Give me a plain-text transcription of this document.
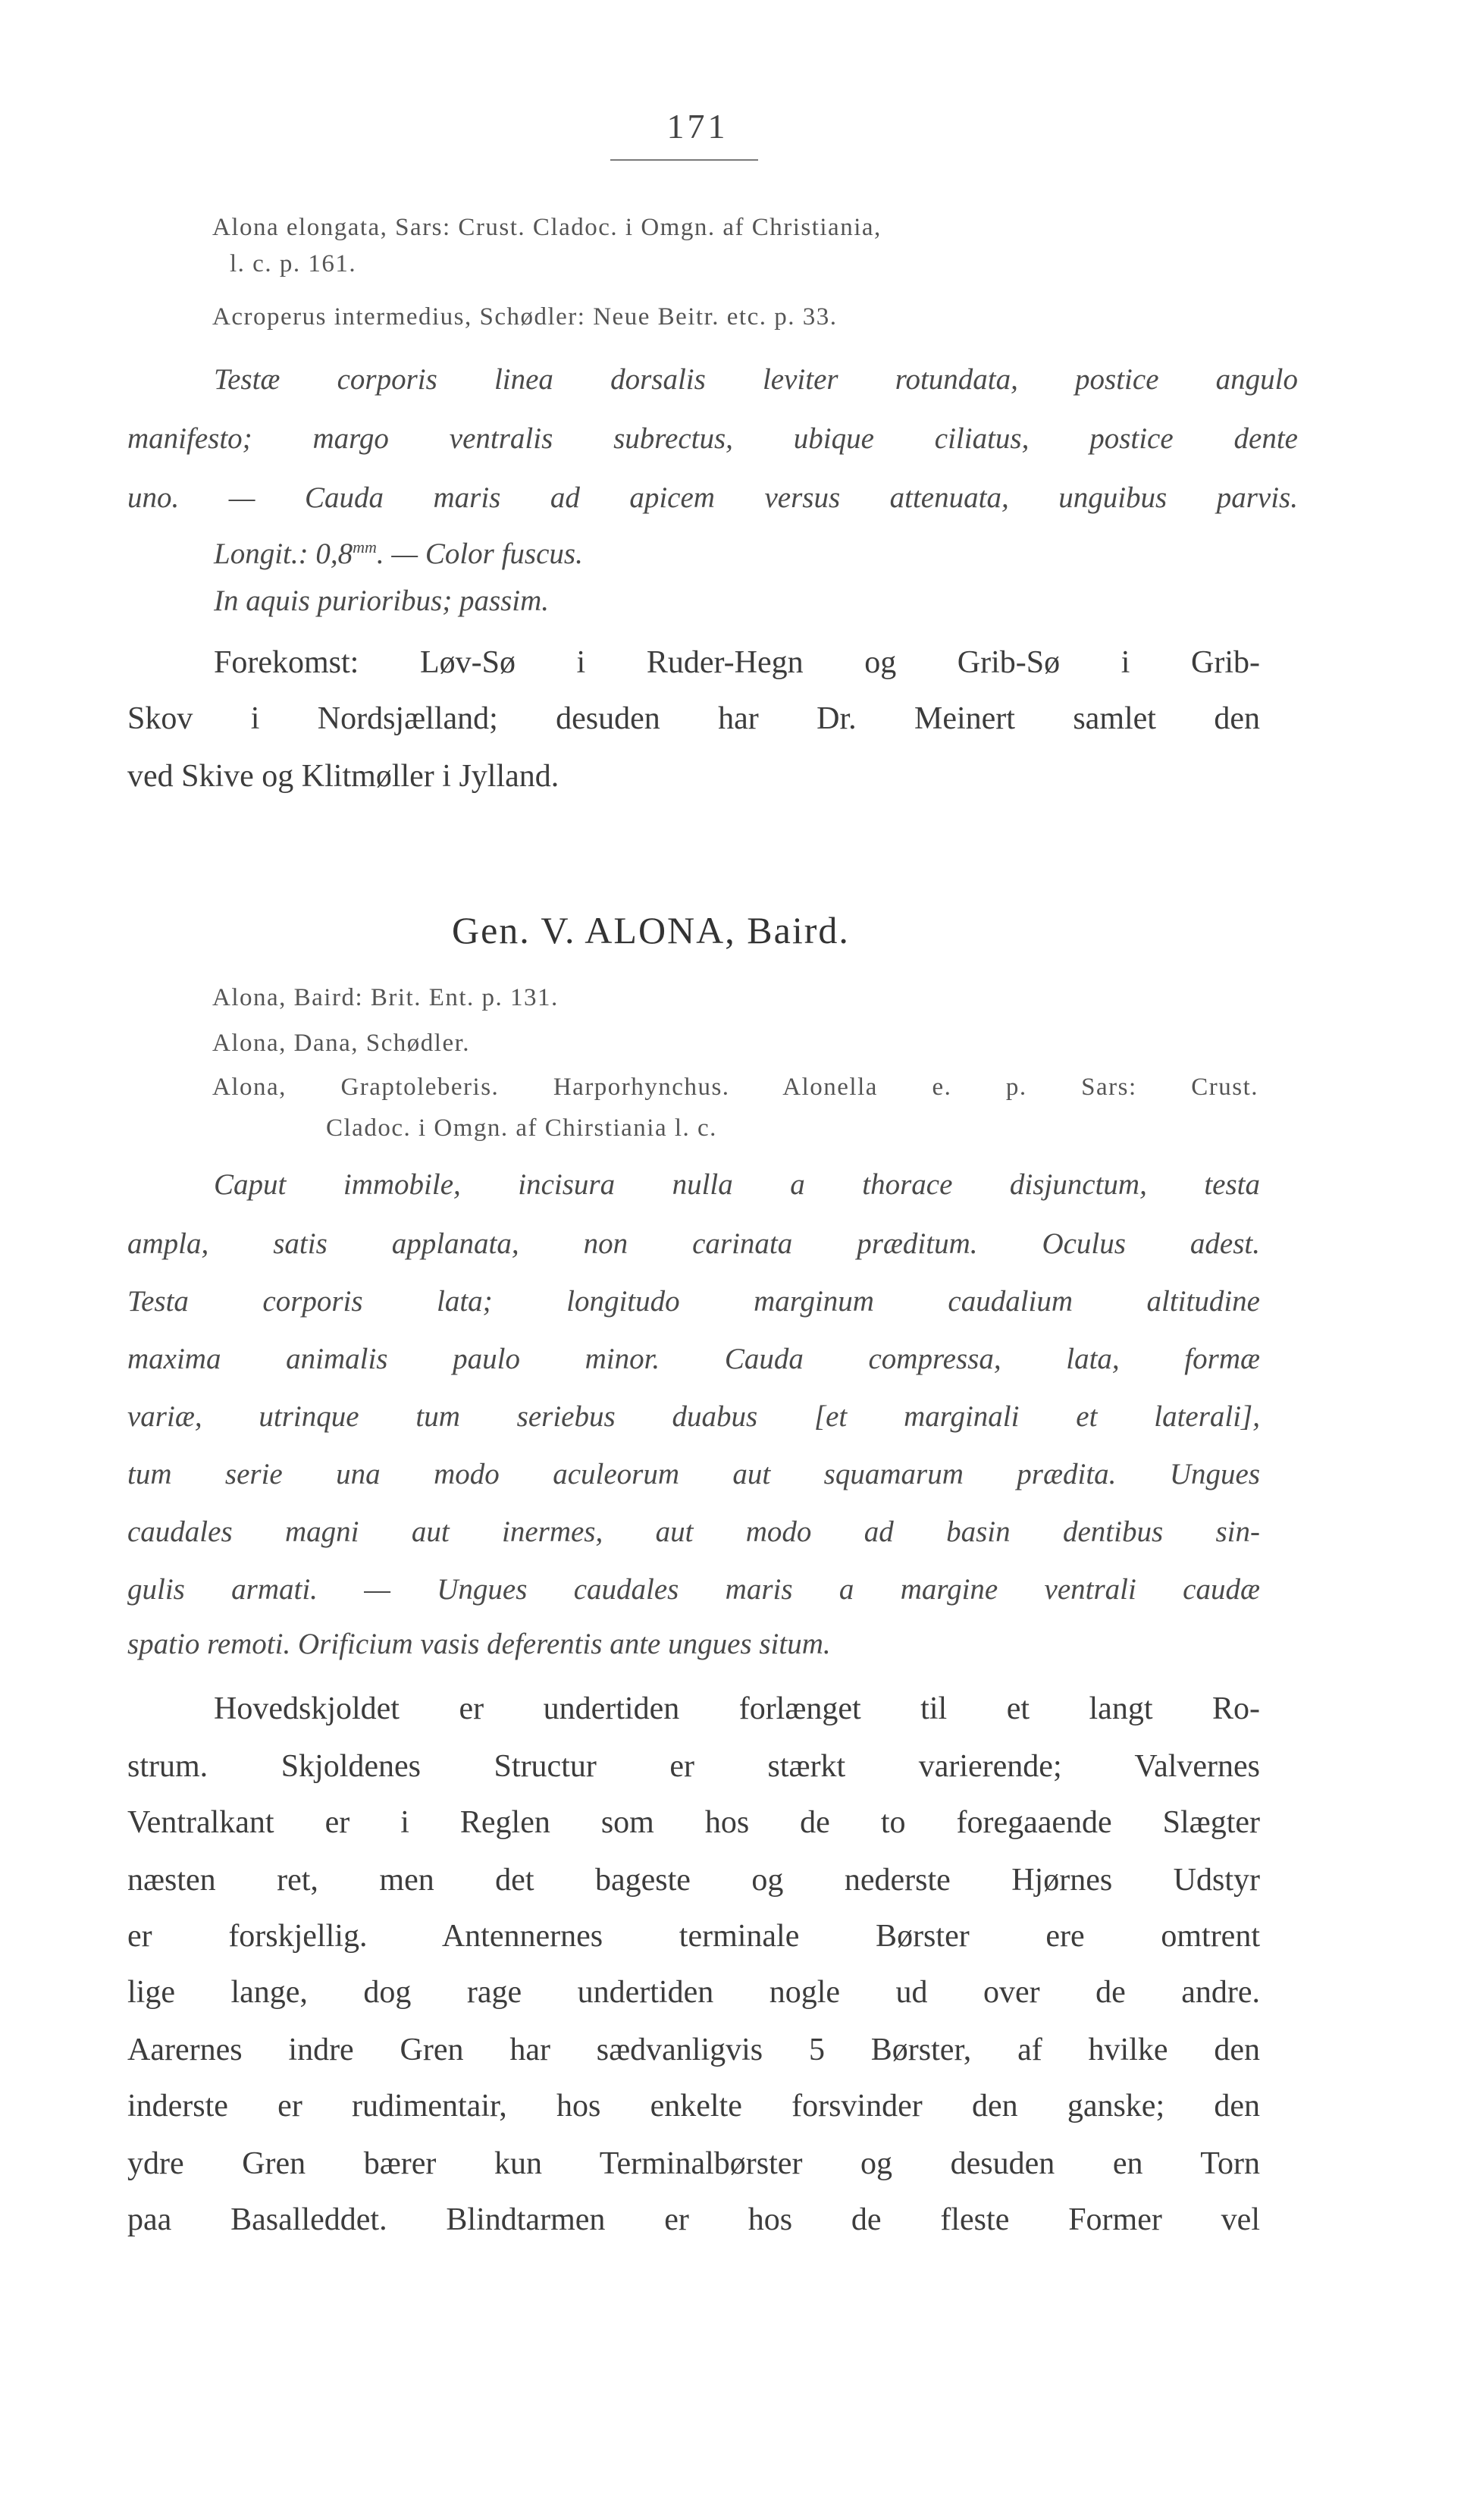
171
Alona elongata, Sars: Crust. Cladoc. i Omgn. af Christiania,
l. c. p. 161.
Acroperus intermedius, Schødler: Neue Beitr. etc. p. 33.
Testæ corporis linea dorsalis leviter rotundata, postice angulo
manifesto; margo ventralis subrectus, ubique ciliatus, postice dente
uno. — Cauda maris ad apicem versus attenuata, unguibus parvis.
Longit.: $0,8^{mm}$. — Color fuscus.
In aquis purioribus; passim.
Forekomst: Løv-Sø i Ruder-Hegn og Grib-Sø i Grib-
Skov i Nordsjælland; desuden har Dr. Meinert samlet den
ved Skive og Klitmøller i Jylland.
Gen. V. ALONA, Baird.
Alona, Baird: Brit. Ent. p. 131.
Alona, Dana, Schødler.
Alona, Graptoleberis. Harporhynchus. Alonella e. p. Sars: Crust.
Cladoc. i Omgn. af Chirstiania l. c.
Caput immobile, incisura nulla a thorace disjunctum, testa
ampla, satis applanata, non carinata præditum. Oculus adest.
Testa corporis lata; longitudo marginum caudalium altitudine
maxima animalis paulo minor. Cauda compressa, lata, formæ
variæ, utrinque tum seriebus duabus [et marginali et laterali],
tum serie una modo aculeorum aut squamarum prædita. Ungues
caudales magni aut inermes, aut modo ad basin dentibus sin-
gulis armati. — Ungues caudales maris a margine ventrali caudæ
spatio remoti. Orificium vasis deferentis ante ungues situm.
Hovedskjoldet er undertiden forlænget til et langt Ro-
strum. Skjoldenes Structur er stærkt varierende; Valvernes
Ventralkant er i Reglen som hos de to foregaaende Slægter
næsten ret, men det bageste og nederste Hjørnes Udstyr
er forskjellig. Antennernes terminale Børster ere omtrent
lige lange, dog rage undertiden nogle ud over de andre.
Aarernes indre Gren har sædvanligvis 5 Børster, af hvilke den
inderste er rudimentair, hos enkelte forsvinder den ganske; den
ydre Gren bærer kun Terminalbørster og desuden en Torn
paa Basalleddet. Blindtarmen er hos de fleste Former vel
